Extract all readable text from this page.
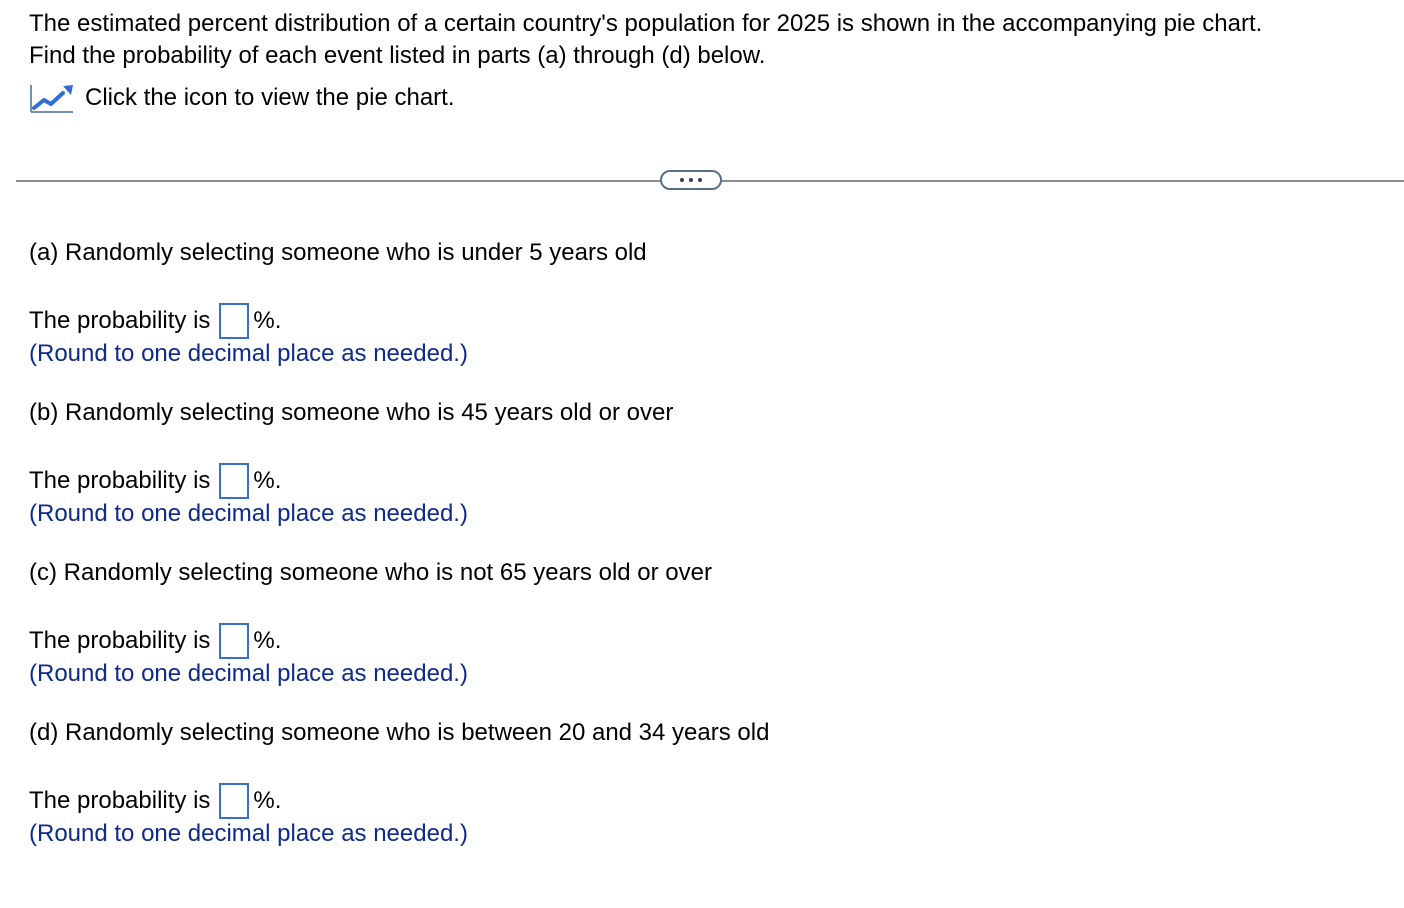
The estimated percent distribution of a certain country's population for 2025 is shown in the accompanying pie chart.
Find the probability of each event listed in parts (a) through (d) below.
Click the icon to view the pie chart.
(a) Randomly selecting someone who is under 5 years old
The probability is %.
(Round to one decimal place as needed.)
(b) Randomly selecting someone who is 45 years old or over
The probability is %.
(Round to one decimal place as needed.)
(c) Randomly selecting someone who is not 65 years old or over
The probability is %.
(Round to one decimal place as needed.)
(d) Randomly selecting someone who is between 20 and 34 years old
The probability is %.
(Round to one decimal place as needed.)
